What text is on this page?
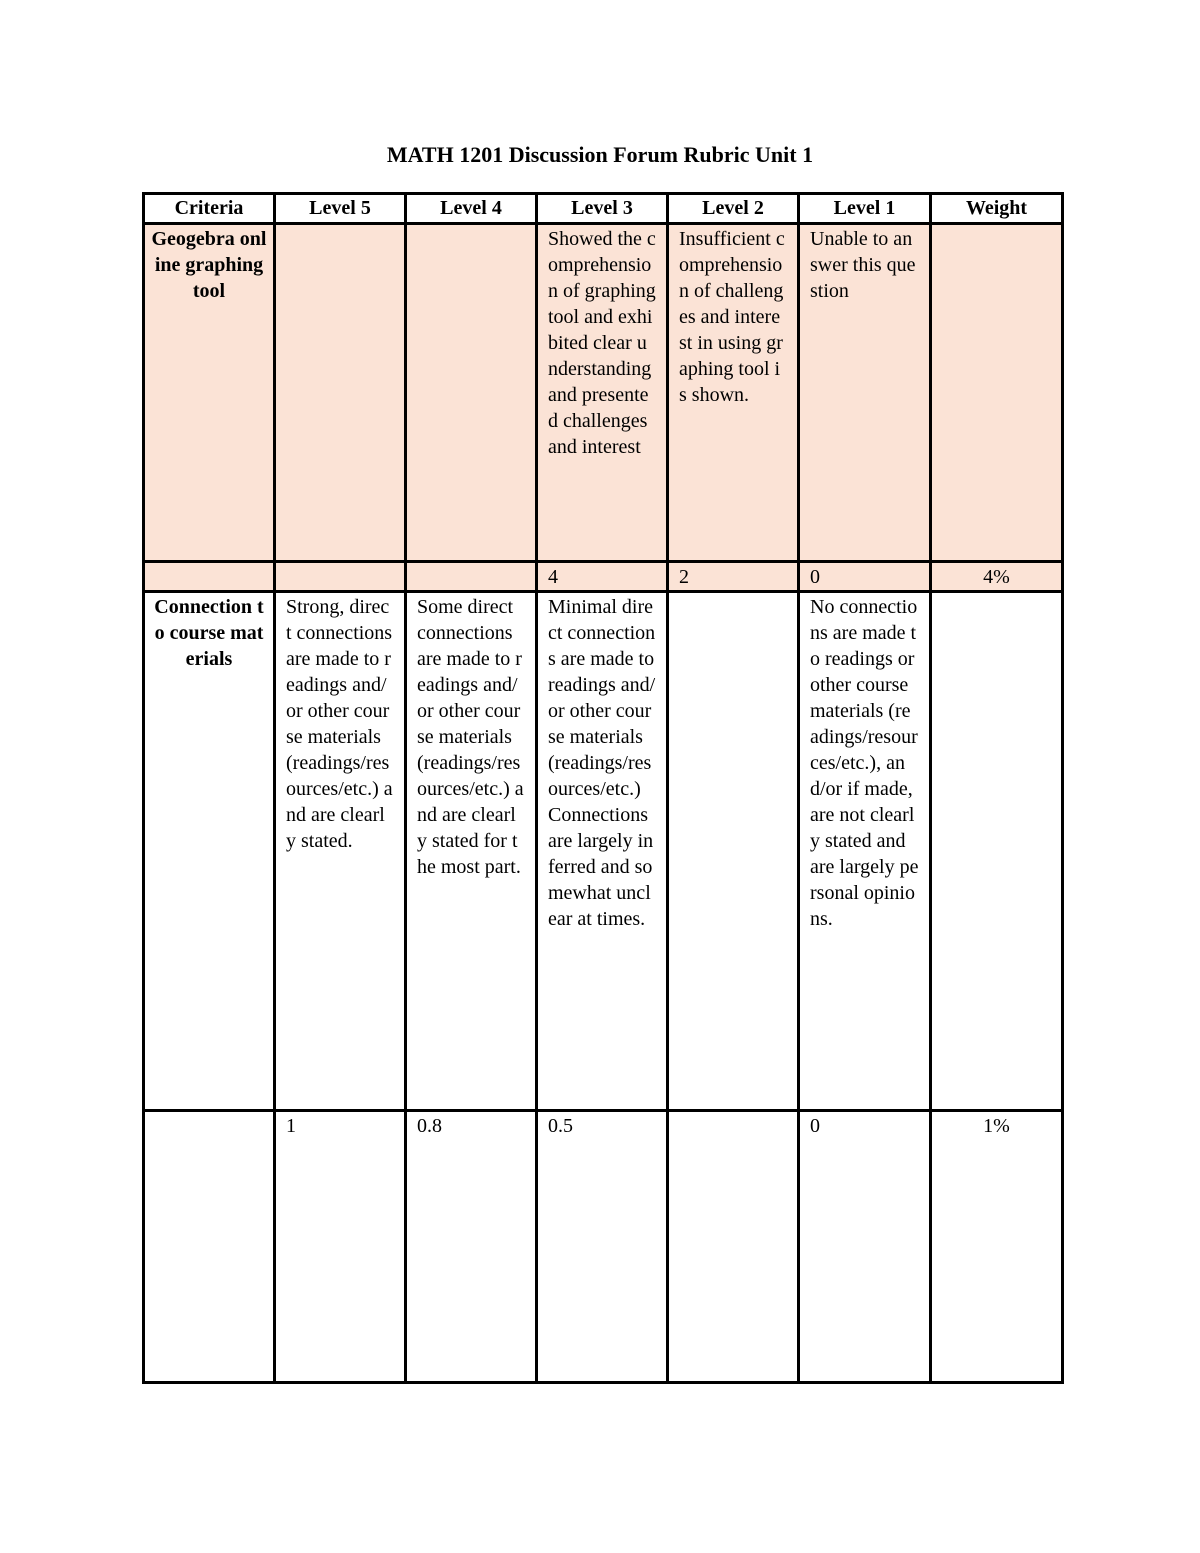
MATH 1201 Discussion Forum Rubric Unit 1
Criteria	Level 5	Level 4	Level 3	Level 2	Level 1	Weight
Geogebra online graphing tool			Showed the comprehension of graphing tool and exhibited clear understanding and presented challenges and interest	Insufficient comprehension of challenges and interest in using graphing tool is shown.	Unable to answer this question	
			4	2	0	4%
Connection to course materials	Strong, direct connections are made to readings and/or other course materials (readings/resources/etc.) and are clearly stated.	Some direct connections are made to readings and/or other course materials (readings/resources/etc.) and are clearly stated for the most part.	Minimal direct connections are made to readings and/or other course materials (readings/resources/etc.) Connections are largely inferred and somewhat unclear at times.		No connections are made to readings or other course materials (readings/resources/etc.), and/or if made, are not clearly stated and are largely personal opinions.	
	1	0.8	0.5		0	1%
